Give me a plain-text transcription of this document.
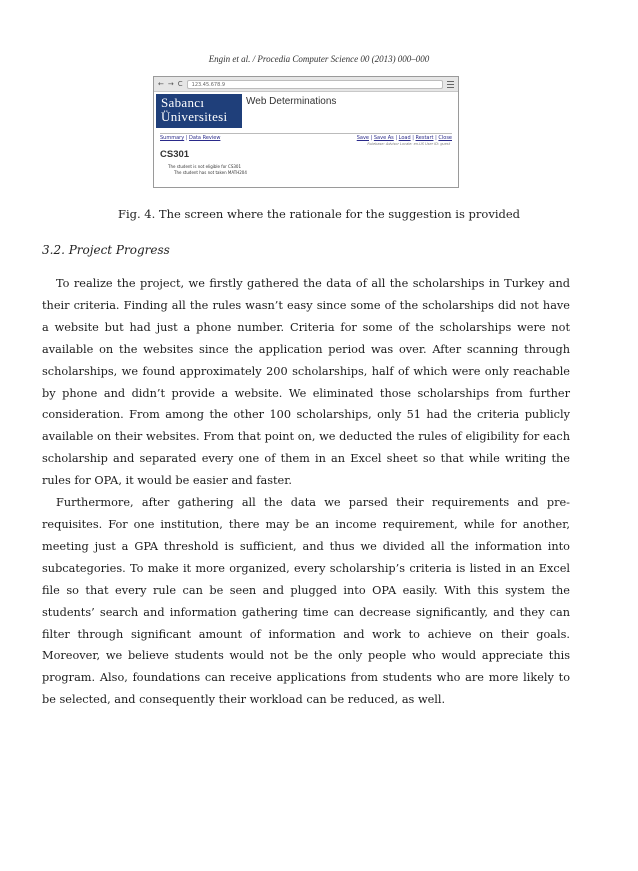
Engin et al. / Procedia Computer Science 00 (2013) 000–000
← → C	123.45.678.9
Sabancı
Üniversitesi
Web Determinations
Summary | Data Review	Save | Save As | Load | Restart | Close
Rulebase: Advisor Locale: en-US User ID: guest
CS301
The student is not eligible for CS301
The student has not taken MATH204
Fig. 4. The screen where the rationale for the suggestion is provided
3.2. Project Progress

To realize the project, we firstly gathered the data of all the scholarships in Turkey and their criteria. Finding all the rules wasn’t easy since some of the scholarships did not have a website but had just a phone number. Criteria for some of the scholarships were not available on the websites since the application period was over. After scanning through scholarships, we found approximately 200 scholarships, half of which were only reachable by phone and didn’t provide a website. We eliminated those scholarships from further consideration. From among the other 100 scholarships, only 51 had the criteria publicly available on their websites. From that point on, we deducted the rules of eligibility for each scholarship and separated every one of them in an Excel sheet so that while writing the rules for OPA, it would be easier and faster.

Furthermore, after gathering all the data we parsed their requirements and pre-requisites. For one institution, there may be an income requirement, while for another, meeting just a GPA threshold is sufficient, and thus we divided all the information into subcategories. To make it more organized, every scholarship’s criteria is listed in an Excel file so that every rule can be seen and plugged into OPA easily. With this system the students’ search and information gathering time can decrease significantly, and they can filter through significant amount of information and work to achieve on their goals. Moreover, we believe students would not be the only people who would appreciate this program. Also, foundations can receive applications from students who are more likely to be selected, and consequently their workload can be reduced, as well.
